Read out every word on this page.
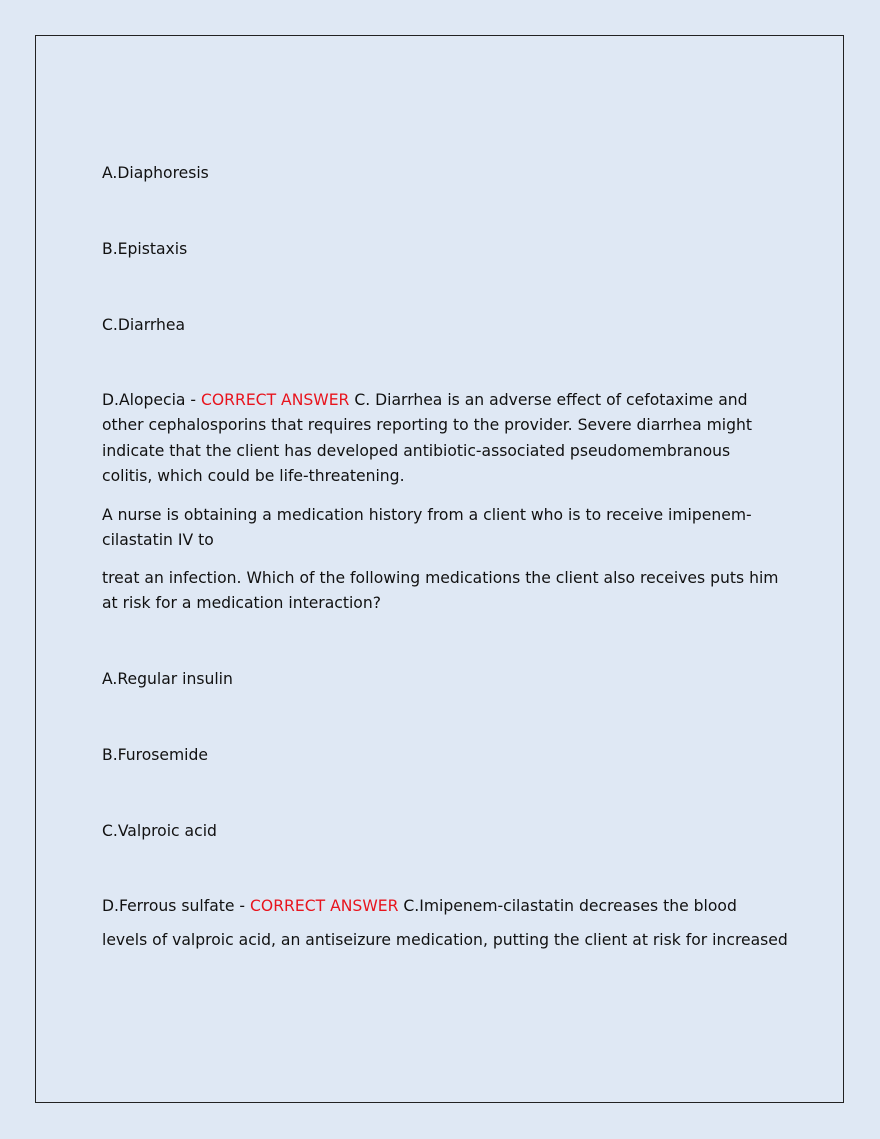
A.Diaphoresis

B.Epistaxis

C.Diarrhea

D.Alopecia - CORRECT ANSWER C. Diarrhea is an adverse effect of cefotaxime and

other cephalosporins that requires reporting to the provider. Severe diarrhea might

indicate that the client has developed antibiotic-associated pseudomembranous

colitis, which could be life-threatening.

A nurse is obtaining a medication history from a client who is to receive imipenem-

cilastatin IV to

treat an infection. Which of the following medications the client also receives puts him

at risk for a medication interaction?

A.Regular insulin

B.Furosemide

C.Valproic acid

D.Ferrous sulfate - CORRECT ANSWER C.Imipenem-cilastatin decreases the blood

levels of valproic acid, an antiseizure medication, putting the client at risk for increased
